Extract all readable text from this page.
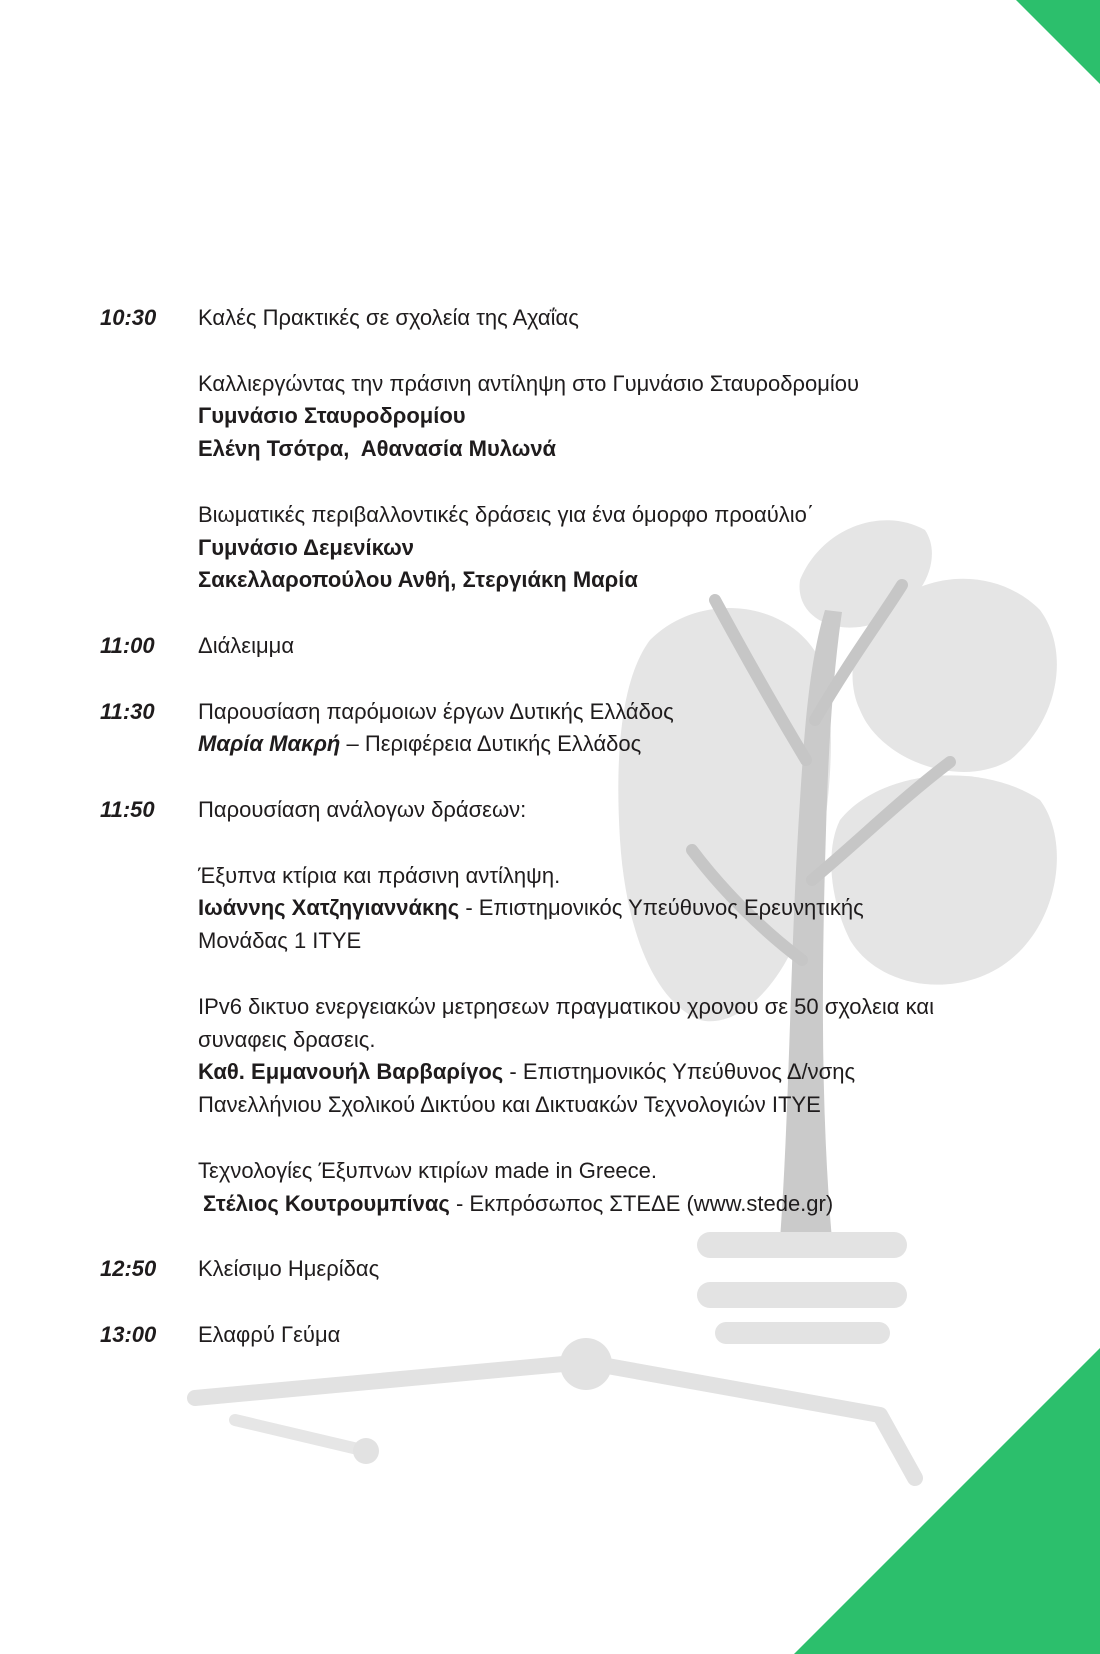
10:30	Καλές Πρακτικές σε σχολεία της Αχαΐας
Καλλιεργώντας την πράσινη αντίληψη στο Γυμνάσιο Σταυροδρομίου
Γυμνάσιο Σταυροδρομίου
Ελένη Τσότρα,  Αθανασία Μυλωνά
Βιωματικές περιβαλλοντικές δράσεις για ένα όμορφο προαύλιο΄
Γυμνάσιο Δεμενίκων
Σακελλαροπούλου Ανθή, Στεργιάκη Μαρία
11:00	Διάλειμμα
11:30	Παρουσίαση παρόμοιων έργων Δυτικής Ελλάδος
Μαρία Μακρή – Περιφέρεια Δυτικής Ελλάδος
11:50	Παρουσίαση ανάλογων δράσεων:
Έξυπνα κτίρια και πράσινη αντίληψη.
Ιωάννης Χατζηγιαννάκης - Επιστημονικός Υπεύθυνος Ερευνητικής
Μονάδας 1 ΙΤΥΕ
IPv6 δικτυο ενεργειακών μετρησεων πραγματικου χρονου σε 50 σχολεια και
συναφεις δρασεις.
Καθ. Εμμανουήλ Βαρβαρίγος - Επιστημονικός Υπεύθυνος Δ/νσης
Πανελλήνιου Σχολικού Δικτύου και Δικτυακών Τεχνολογιών ΙΤΥΕ
Τεχνολογίες Έξυπνων κτιρίων made in Greece.
Στέλιος Κουτρουμπίνας - Εκπρόσωπος ΣΤΕΔΕ (www.stede.gr)
12:50	Κλείσιμο Ημερίδας
13:00	Ελαφρύ Γεύμα
